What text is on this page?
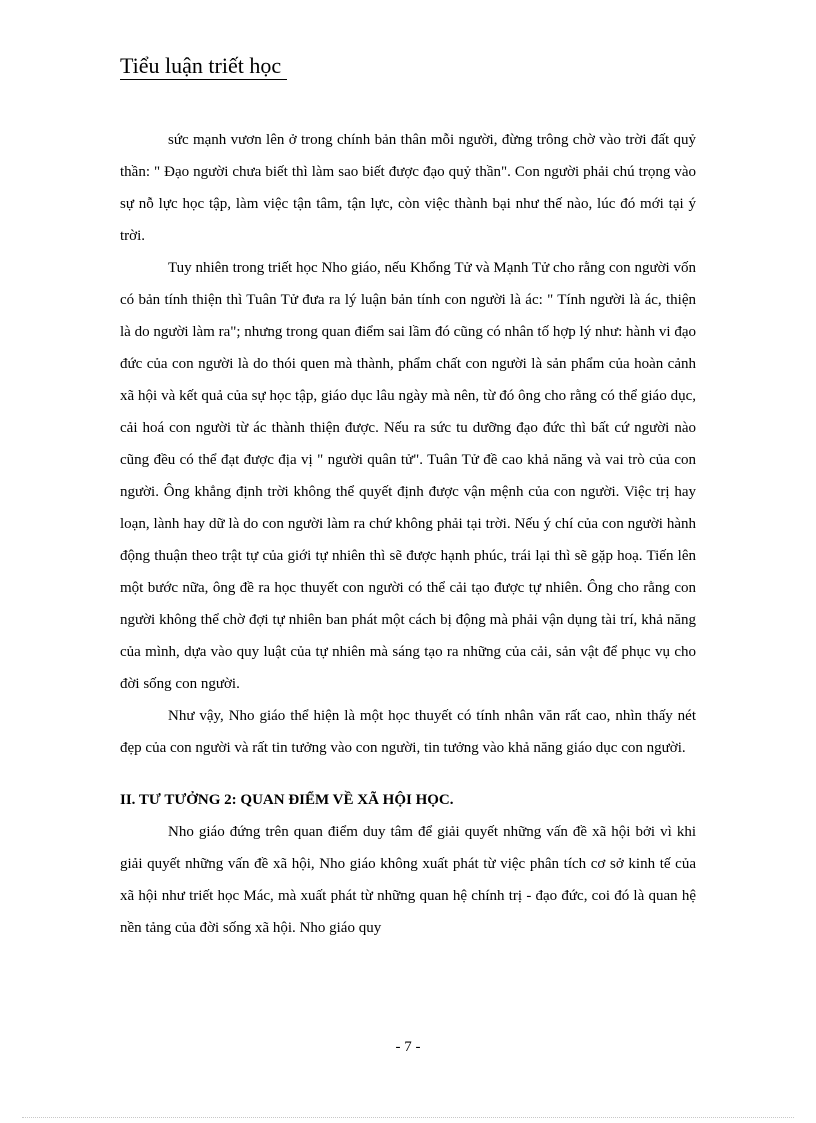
Tiểu luận triết học

sức mạnh vươn lên ở trong chính bản thân mỗi người, đừng trông chờ vào trời đất quỷ thần: " Đạo người chưa biết thì làm sao biết được đạo quỷ thần". Con người phải chú trọng vào sự nỗ lực học tập, làm việc tận tâm, tận lực, còn việc thành bại như thế nào, lúc đó mới tại ý trời.

Tuy nhiên trong triết học Nho giáo, nếu Khổng Tử và Mạnh Tử cho rằng con người vốn có bản tính thiện thì Tuân Tử đưa ra lý luận bản tính con người là ác: " Tính người là ác, thiện là do người làm ra"; nhưng trong quan điểm sai lầm đó cũng có nhân tố hợp lý như: hành vi đạo đức của con người là do thói quen mà thành, phẩm chất con người là sản phẩm của hoàn cảnh xã hội và kết quả của sự học tập, giáo dục lâu ngày mà nên, từ đó ông cho rằng có thể giáo dục, cải hoá con người từ ác thành thiện được. Nếu ra sức tu dưỡng đạo đức thì bất cứ người nào cũng đều có thể đạt được địa vị " người quân tử". Tuân Tử đề cao khả năng và vai trò của con người. Ông khẳng định trời không thể quyết định được vận mệnh của con người. Việc trị hay loạn, lành hay dữ là do con người làm ra chứ không phải tại trời. Nếu ý chí của con người hành động thuận theo trật tự của giới tự nhiên thì sẽ được hạnh phúc, trái lại thì sẽ gặp hoạ. Tiến lên một bước nữa, ông đề ra học thuyết con người có thể cải tạo được tự nhiên. Ông cho rằng con người không thể chờ đợi tự nhiên ban phát một cách bị động mà phải vận dụng tài trí, khả năng của mình, dựa vào quy luật của tự nhiên mà sáng tạo ra những của cải, sản vật để phục vụ cho đời sống con người.

Như vậy, Nho giáo thể hiện là một học thuyết có tính nhân văn rất cao, nhìn thấy nét đẹp của con người và rất tin tưởng vào con người, tin tưởng vào khả năng giáo dục con người.

II. TƯ TƯỞNG 2: QUAN ĐIỂM VỀ XÃ HỘI HỌC.

Nho giáo đứng trên quan điểm duy tâm để giải quyết những vấn đề xã hội bởi vì khi giải quyết những vấn đề xã hội, Nho giáo không xuất phát từ việc phân tích cơ sở kinh tế của xã hội như triết học Mác, mà xuất phát từ những quan hệ chính trị - đạo đức, coi đó là quan hệ nền tảng của đời sống xã hội. Nho giáo quy

- 7 -
